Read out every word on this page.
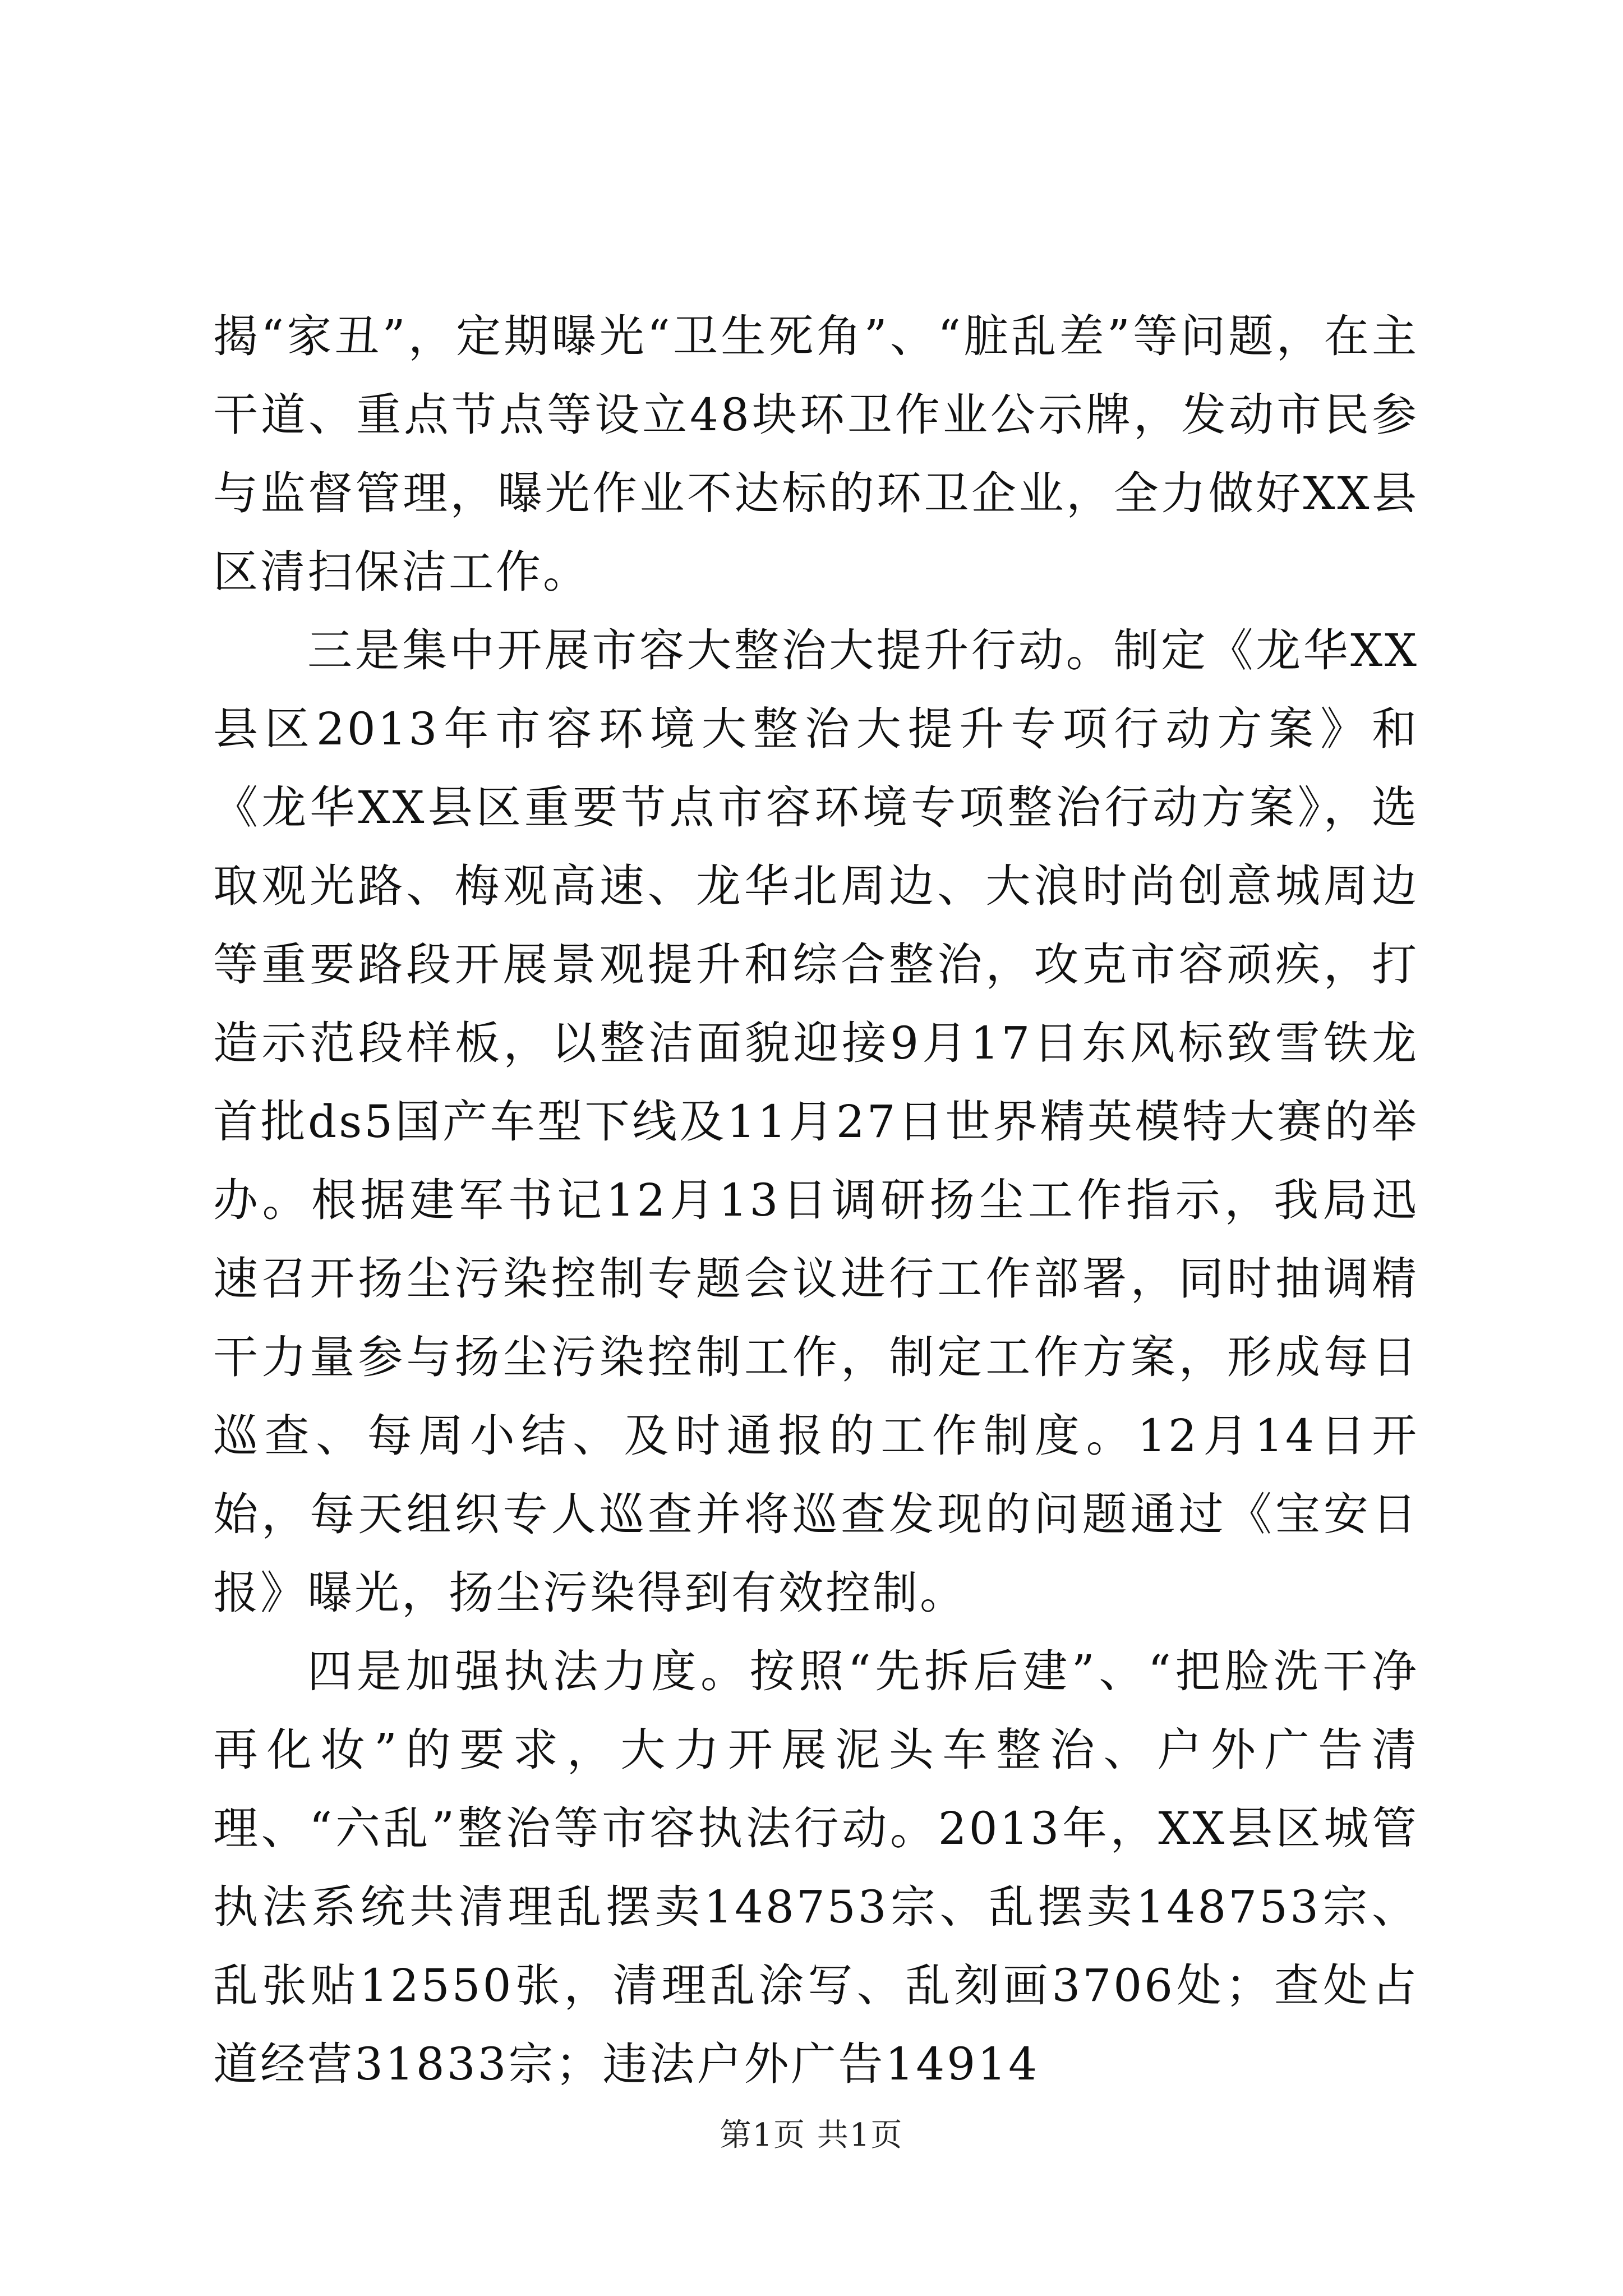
揭“家丑”，定期曝光“卫生死角”、“脏乱差”等问题，在主干道、重点节点等设立48块环卫作业公示牌，发动市民参与监督管理，曝光作业不达标的环卫企业，全力做好XX县区清扫保洁工作。

三是集中开展市容大整治大提升行动。制定《龙华XX县区2013年市容环境大整治大提升专项行动方案》和《龙华XX县区重要节点市容环境专项整治行动方案》，选取观光路、梅观高速、龙华北周边、大浪时尚创意城周边等重要路段开展景观提升和综合整治，攻克市容顽疾，打造示范段样板，以整洁面貌迎接9月17日东风标致雪铁龙首批ds5国产车型下线及11月27日世界精英模特大赛的举办。根据建军书记12月13日调研扬尘工作指示，我局迅速召开扬尘污染控制专题会议进行工作部署，同时抽调精干力量参与扬尘污染控制工作，制定工作方案，形成每日巡查、每周小结、及时通报的工作制度。12月14日开始，每天组织专人巡查并将巡查发现的问题通过《宝安日报》曝光，扬尘污染得到有效控制。

四是加强执法力度。按照“先拆后建”、“把脸洗干净再化妆”的要求，大力开展泥头车整治、户外广告清理、“六乱”整治等市容执法行动。2013年，XX县区城管执法系统共清理乱摆卖148753宗、乱摆卖148753宗、乱张贴12550张，清理乱涂写、乱刻画3706处；查处占道经营31833宗；违法户外广告14914

第1页 共1页
